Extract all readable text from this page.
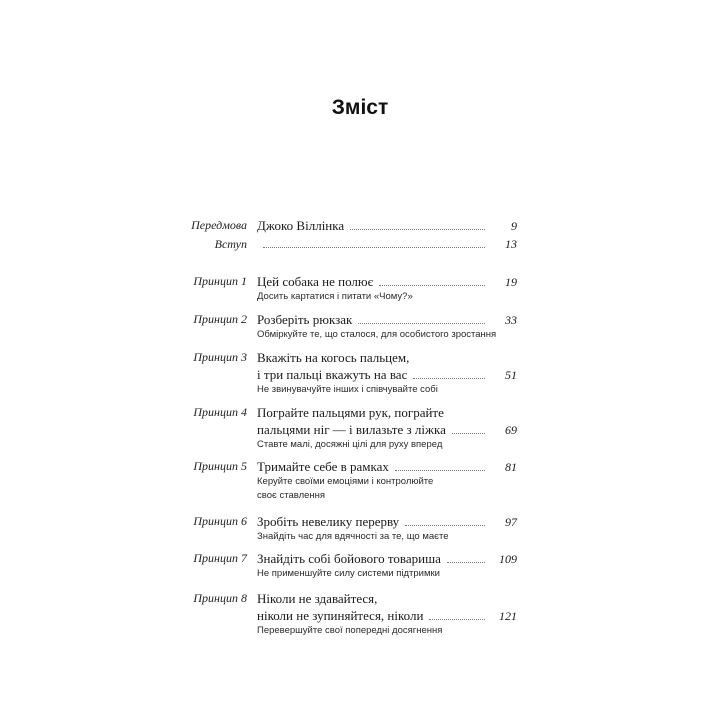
Зміст
Передмова Джоко Віллінка	9
Вступ	13
Принцип 1 Цей собака не полює	19
Досить картатися і питати «Чому?»
Принцип 2 Розберіть рюкзак	33
Обміркуйте те, що сталося, для особистого зростання
Принцип 3 Вкажіть на когось пальцем,
і три пальці вкажуть на вас	51
Не звинувачуйте інших і співчувайте собі
Принцип 4 Пограйте пальцями рук, пограйте
пальцями ніг — і вилазьте з ліжка	69
Ставте малі, досяжні цілі для руху вперед
Принцип 5 Тримайте себе в рамках	81
Керуйте своїми емоціями і контролюйте
своє ставлення
Принцип 6 Зробіть невелику перерву	97
Знайдіть час для вдячності за те, що маєте
Принцип 7 Знайдіть собі бойового товариша	109
Не применшуйте силу системи підтримки
Принцип 8 Ніколи не здавайтеся,
ніколи не зупиняйтеся, ніколи	121
Перевершуйте свої попередні досягнення
